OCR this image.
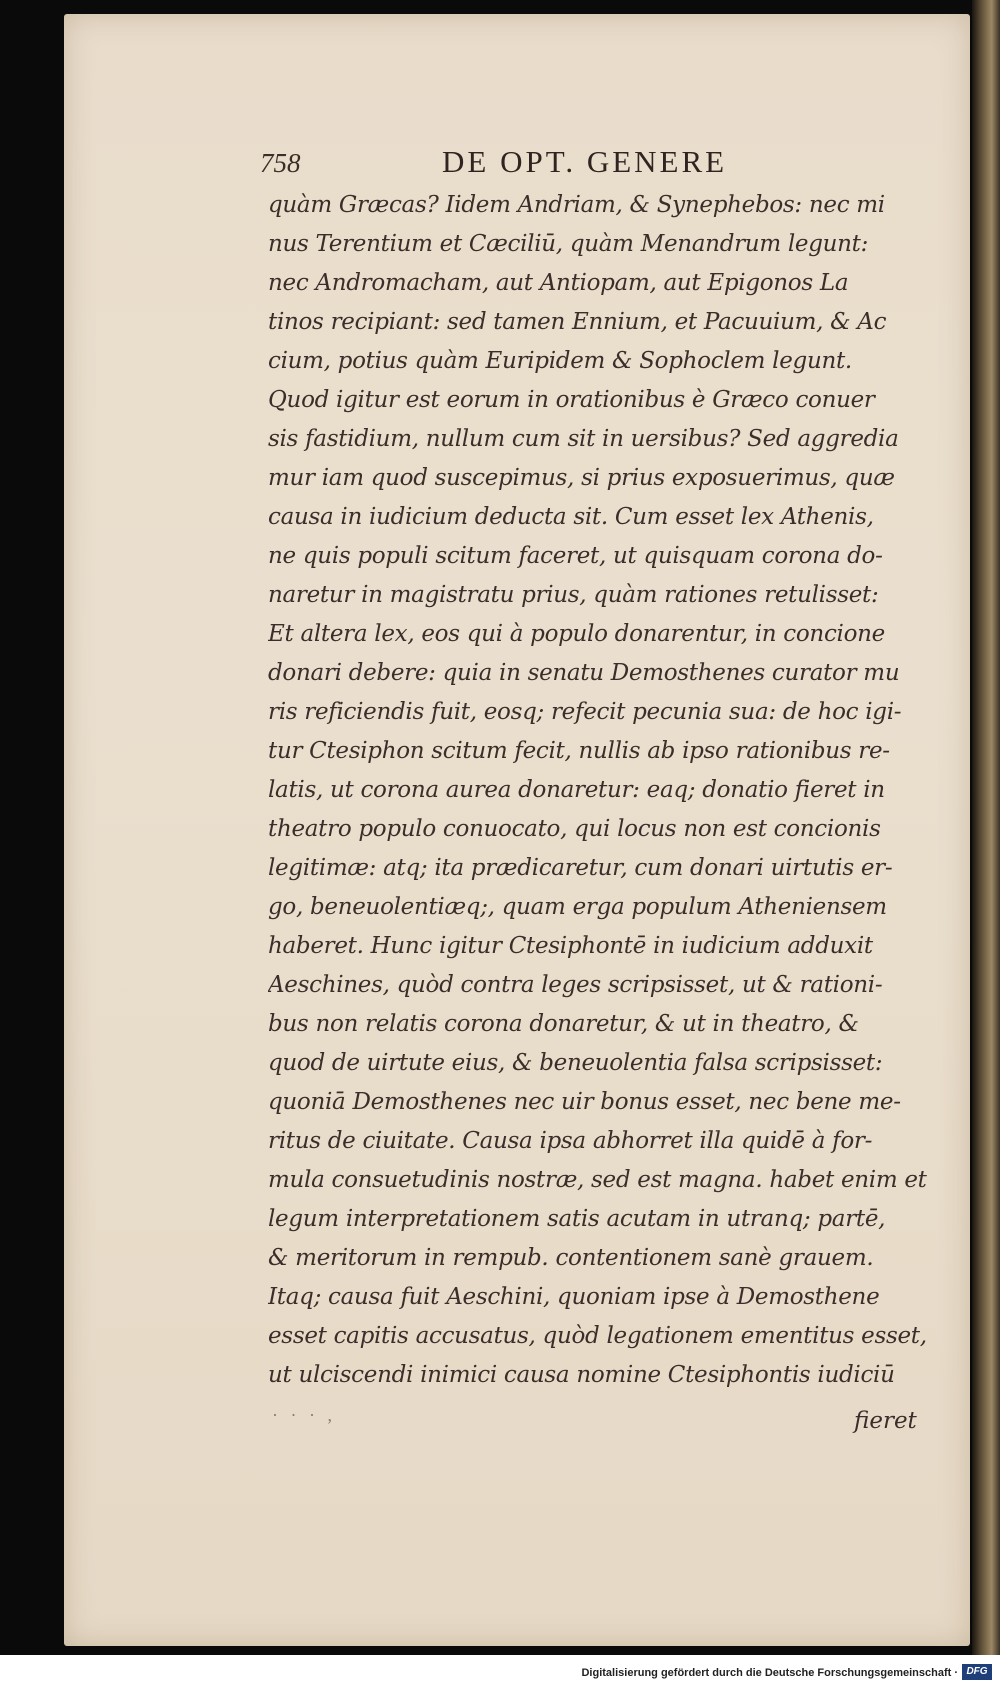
758	DE OPT. GENERE
quàm Græcas? Iidem Andriam, & Synephebos: nec mi
nus Terentium et Cæciliū, quàm Menandrum legunt:
nec Andromacham, aut Antiopam, aut Epigonos La
tinos recipiant: sed tamen Ennium, et Pacuuium, & Ac
cium, potius quàm Euripidem & Sophoclem legunt.
Quod igitur est eorum in orationibus è Græco conuer
sis fastidium, nullum cum sit in uersibus? Sed aggredia
mur iam quod suscepimus, si prius exposuerimus, quæ
causa in iudicium deducta sit. Cum esset lex Athenis,
ne quis populi scitum faceret, ut quisquam corona do-
naretur in magistratu prius, quàm rationes retulisset:
Et altera lex, eos qui à populo donarentur, in concione
donari debere: quia in senatu Demosthenes curator mu
ris reficiendis fuit, eosq; refecit pecunia sua: de hoc igi-
tur Ctesiphon scitum fecit, nullis ab ipso rationibus re-
latis, ut corona aurea donaretur: eaq; donatio fieret in
theatro populo conuocato, qui locus non est concionis
legitimæ: atq; ita prædicaretur, cum donari uirtutis er-
go, beneuolentiæq;, quam erga populum Atheniensem
haberet. Hunc igitur Ctesiphontē in iudicium adduxit
Aeschines, quòd contra leges scripsisset, ut & rationi-
bus non relatis corona donaretur, & ut in theatro, &
quod de uirtute eius, & beneuolentia falsa scripsisset:
quoniā Demosthenes nec uir bonus esset, nec bene me-
ritus de ciuitate. Causa ipsa abhorret illa quidē à for-
mula consuetudinis nostræ, sed est magna. habet enim et
legum interpretationem satis acutam in utranq; partē,
& meritorum in rempub. contentionem sanè grauem.
Itaq; causa fuit Aeschini, quoniam ipse à Demosthene
esset capitis accusatus, quòd legationem ementitus esset,
ut ulciscendi inimici causa nomine Ctesiphontis iudiciū
· · · ,	fieret
Digitalisierung gefördert durch die Deutsche Forschungsgemeinschaft · DFG
